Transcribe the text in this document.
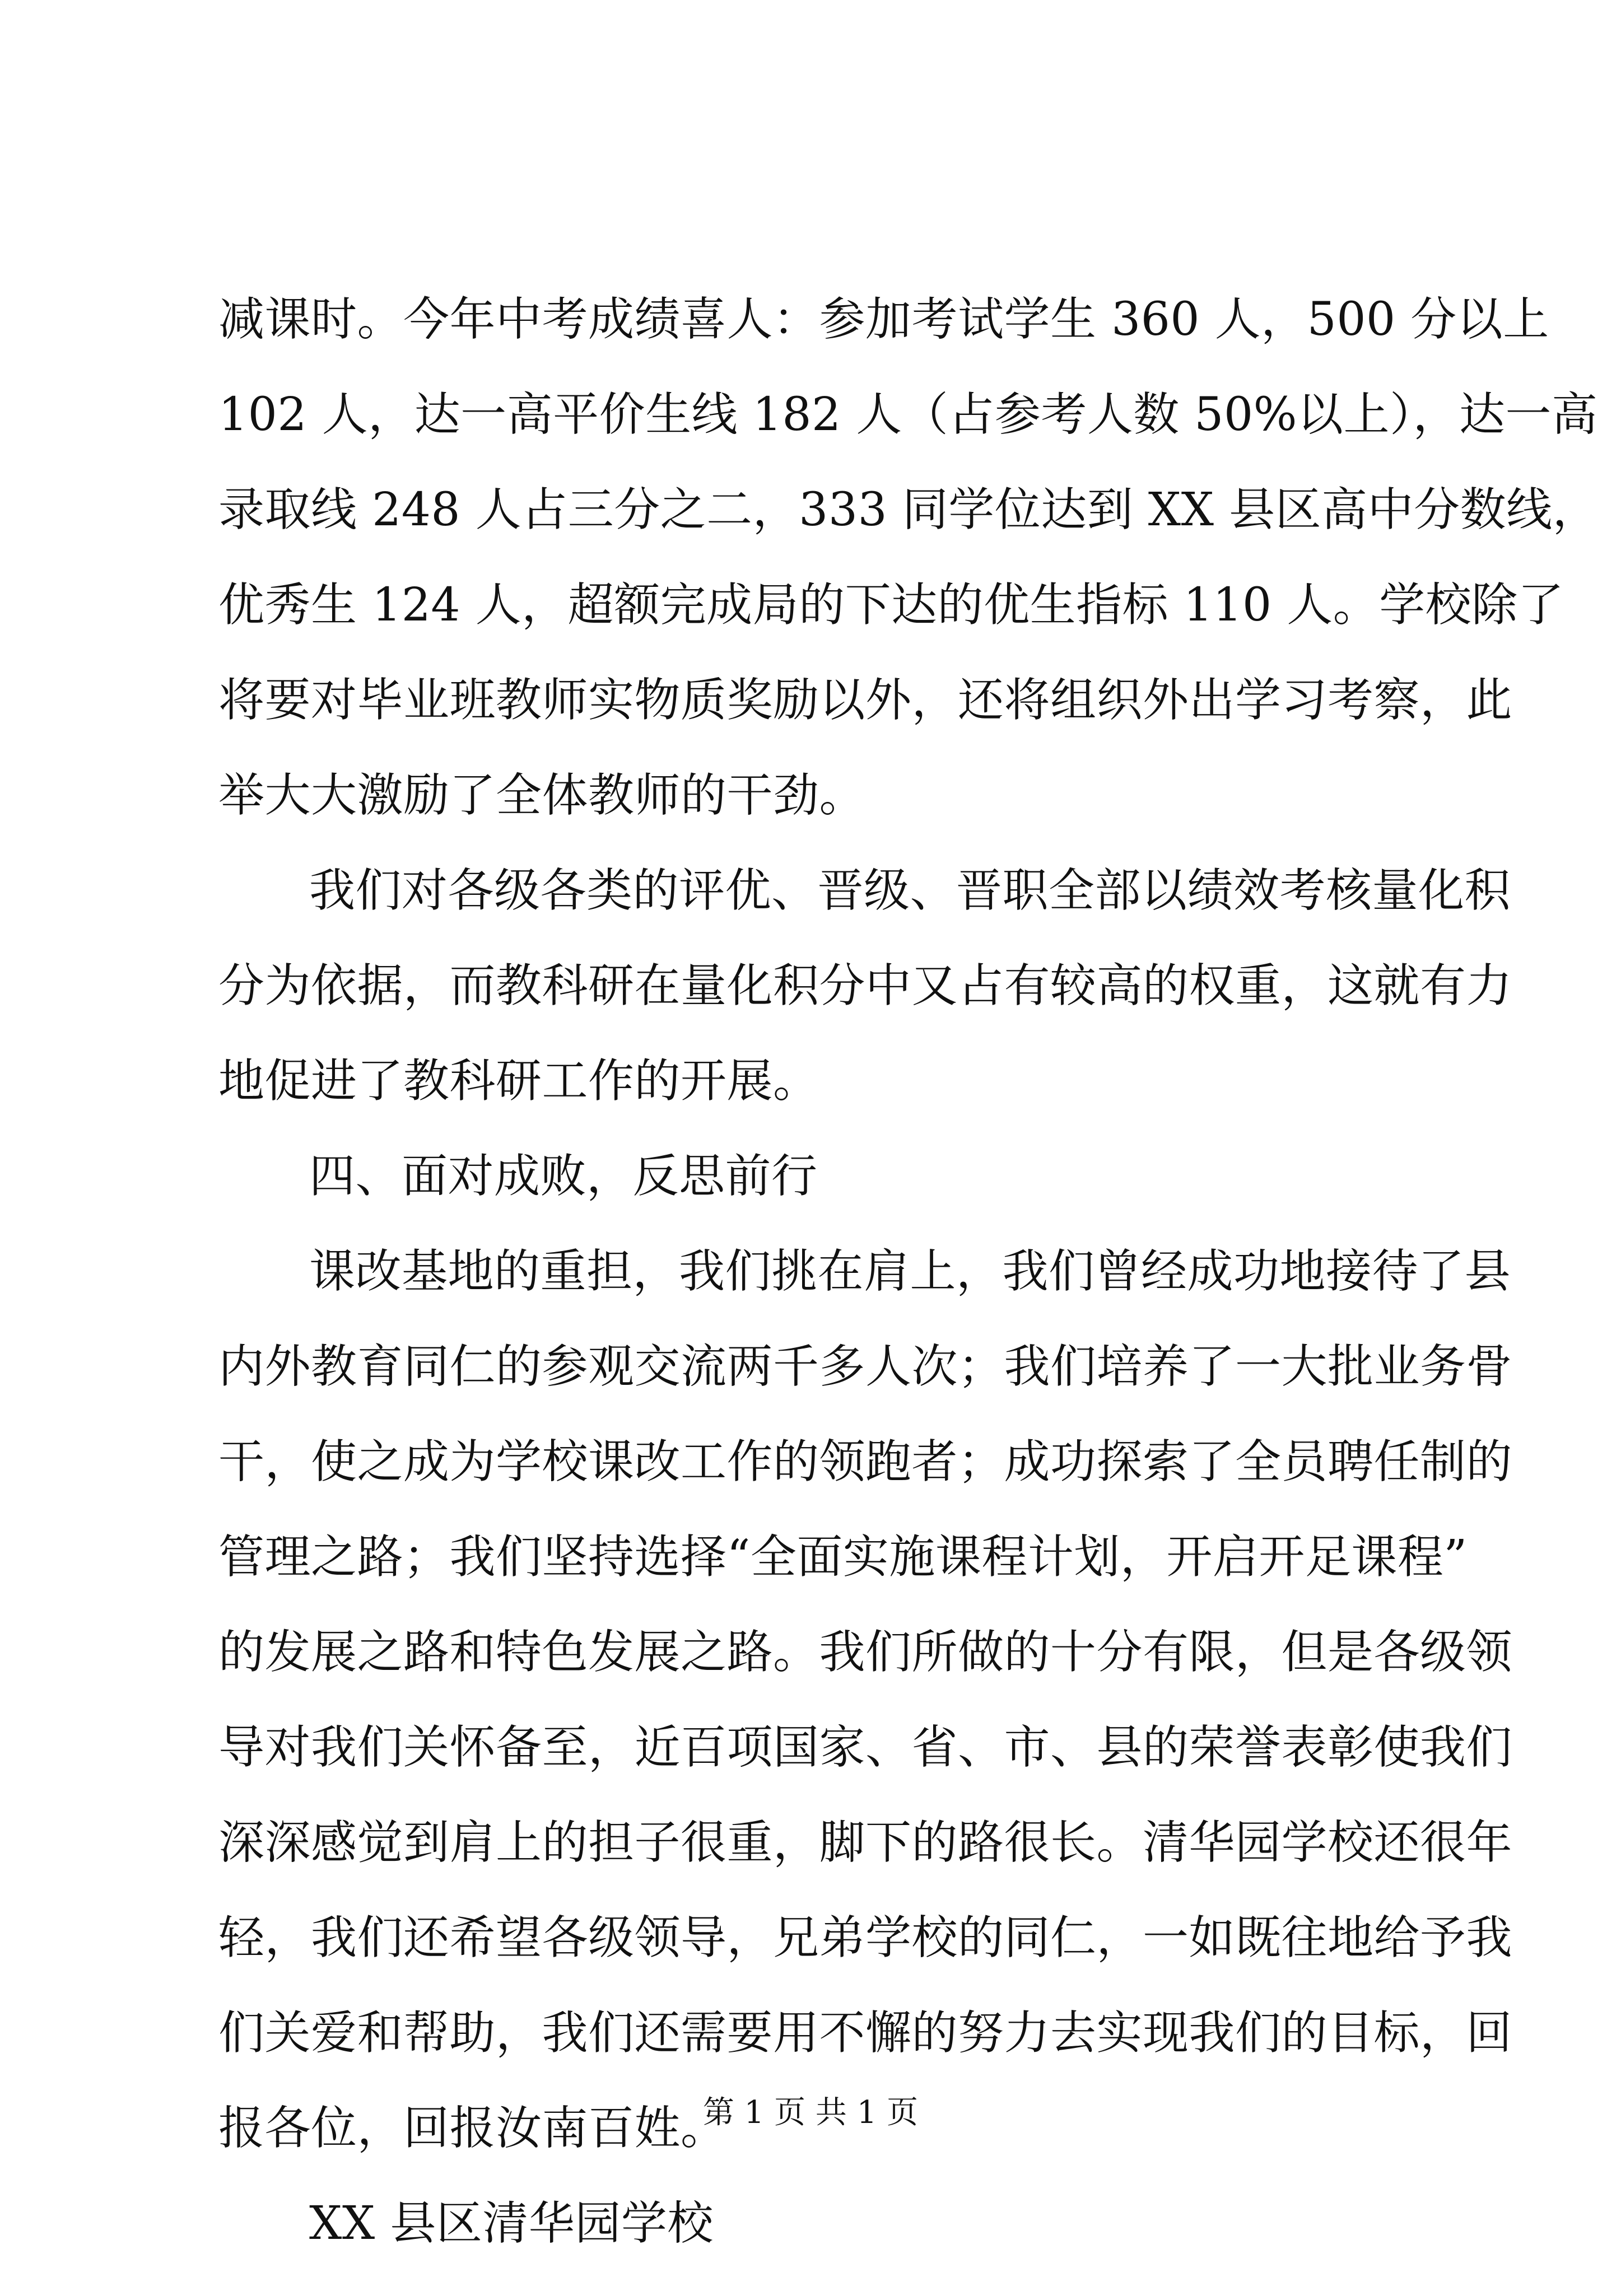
减课时。今年中考成绩喜人：参加考试学生 360 人，500 分以上

102 人，达一高平价生线 182 人（占参考人数 50%以上），达一高

录取线 248 人占三分之二，333 同学位达到 XX 县区高中分数线，

优秀生 124 人，超额完成局的下达的优生指标 110 人。学校除了

将要对毕业班教师实物质奖励以外，还将组织外出学习考察，此

举大大激励了全体教师的干劲。

我们对各级各类的评优、晋级、晋职全部以绩效考核量化积

分为依据，而教科研在量化积分中又占有较高的权重，这就有力

地促进了教科研工作的开展。

四、面对成败，反思前行

课改基地的重担，我们挑在肩上，我们曾经成功地接待了县

内外教育同仁的参观交流两千多人次；我们培养了一大批业务骨

干，使之成为学校课改工作的领跑者；成功探索了全员聘任制的

管理之路；我们坚持选择“全面实施课程计划，开启开足课程”

的发展之路和特色发展之路。我们所做的十分有限，但是各级领

导对我们关怀备至，近百项国家、省、市、县的荣誉表彰使我们

深深感觉到肩上的担子很重，脚下的路很长。清华园学校还很年

轻，我们还希望各级领导，兄弟学校的同仁，一如既往地给予我

们关爱和帮助，我们还需要用不懈的努力去实现我们的目标，回

报各位，回报汝南百姓。

XX 县区清华园学校

第 1 页 共 1 页
